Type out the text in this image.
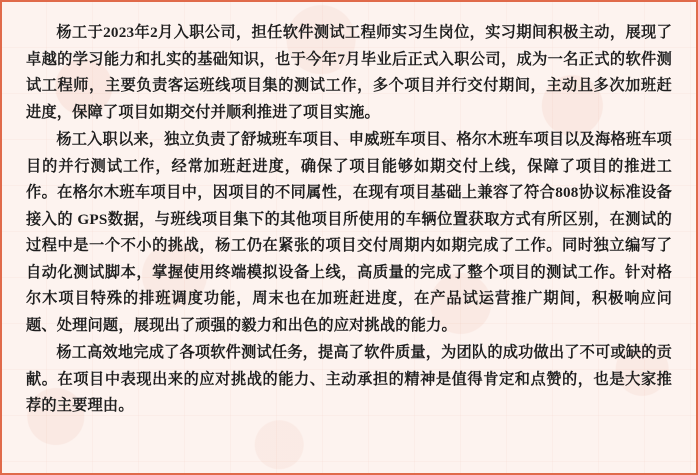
杨工于2023年2月入职公司，担任软件测试工程师实习生岗位，实习期间积极主动，展现了卓越的学习能力和扎实的基础知识，也于今年7月毕业后正式入职公司，成为一名正式的软件测试工程师，主要负责客运班线项目集的测试工作，多个项目并行交付期间，主动且多次加班赶进度，保障了项目如期交付并顺利推进了项目实施。

杨工入职以来，独立负责了舒城班车项目、申威班车项目、格尔木班车项目以及海格班车项目的并行测试工作，经常加班赶进度，确保了项目能够如期交付上线，保障了项目的推进工作。在格尔木班车项目中，因项目的不同属性，在现有项目基础上兼容了符合808协议标准设备接入的 GPS数据，与班线项目集下的其他项目所使用的车辆位置获取方式有所区别，在测试的过程中是一个不小的挑战，杨工仍在紧张的项目交付周期内如期完成了工作。同时独立编写了自动化测试脚本，掌握使用终端模拟设备上线，高质量的完成了整个项目的测试工作。针对格尔木项目特殊的排班调度功能，周末也在加班赶进度，在产品试运营推广期间，积极响应问题、处理问题，展现出了顽强的毅力和出色的应对挑战的能力。

杨工高效地完成了各项软件测试任务，提高了软件质量，为团队的成功做出了不可或缺的贡献。在项目中表现出来的应对挑战的能力、主动承担的精神是值得肯定和点赞的，也是大家推荐的主要理由。
